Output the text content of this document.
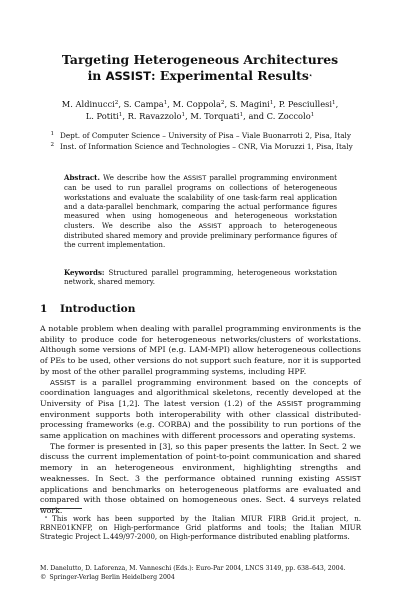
Targeting Heterogeneous Architectures
in ASSIST: Experimental Results⋆
M. Aldinucci$^2$, S. Campa$^1$, M. Coppola$^2$, S. Magini$^1$, P. Pesciullesi$^1$,
L. Potiti$^1$, R. Ravazzolo$^1$, M. Torquati$^1$, and C. Zoccolo$^1$
1 Dept. of Computer Science – University of Pisa – Viale Buonarroti 2, Pisa, Italy
2 Inst. of Information Science and Technologies – CNR, Via Moruzzi 1, Pisa, Italy

Abstract. We describe how the ASSIST parallel programming environment can be used to run parallel programs on collections of heterogeneous workstations and evaluate the scalability of one task-farm real application and a data-parallel benchmark, comparing the actual performance figures measured when using homogeneous and heterogeneous workstation clusters. We describe also the ASSIST approach to heterogeneous distributed shared memory and provide preliminary performance figures of the current implementation.

Keywords: Structured parallel programming, heterogeneous workstation network, shared memory.
1 Introduction

A notable problem when dealing with parallel programming environments is the ability to produce code for heterogeneous networks/clusters of workstations. Although some versions of MPI (e.g. LAM-MPI) allow heterogeneous collections of PEs to be used, other versions do not support such feature, nor it is supported by most of the other parallel programming systems, including HPF.

ASSIST is a parallel programming environment based on the concepts of coordination languages and algorithmical skeletons, recently developed at the University of Pisa [1,2]. The latest version (1.2) of the ASSIST programming environment supports both interoperability with other classical distributed-processing frameworks (e.g. CORBA) and the possibility to run portions of the same application on machines with different processors and operating systems.

The former is presented in [3], so this paper presents the latter. In Sect. 2 we discuss the current implementation of point-to-point communication and shared memory in an heterogeneous environment, highlighting strengths and weaknesses. In Sect. 3 the performance obtained running existing ASSIST applications and benchmarks on heterogeneous platforms are evaluated and compared with those obtained on homogeneous ones. Sect. 4 surveys related work.

⋆ This work has been supported by the Italian MIUR FIRB Grid.it project, n. RBNE01KNFP, on High-performance Grid platforms and tools; the Italian MIUR Strategic Project L.449/97-2000, on High-performance distributed enabling platforms.
M. Danelutto, D. Laforenza, M. Vanneschi (Eds.): Euro-Par 2004, LNCS 3149, pp. 638–643, 2004.
© Springer-Verlag Berlin Heidelberg 2004
